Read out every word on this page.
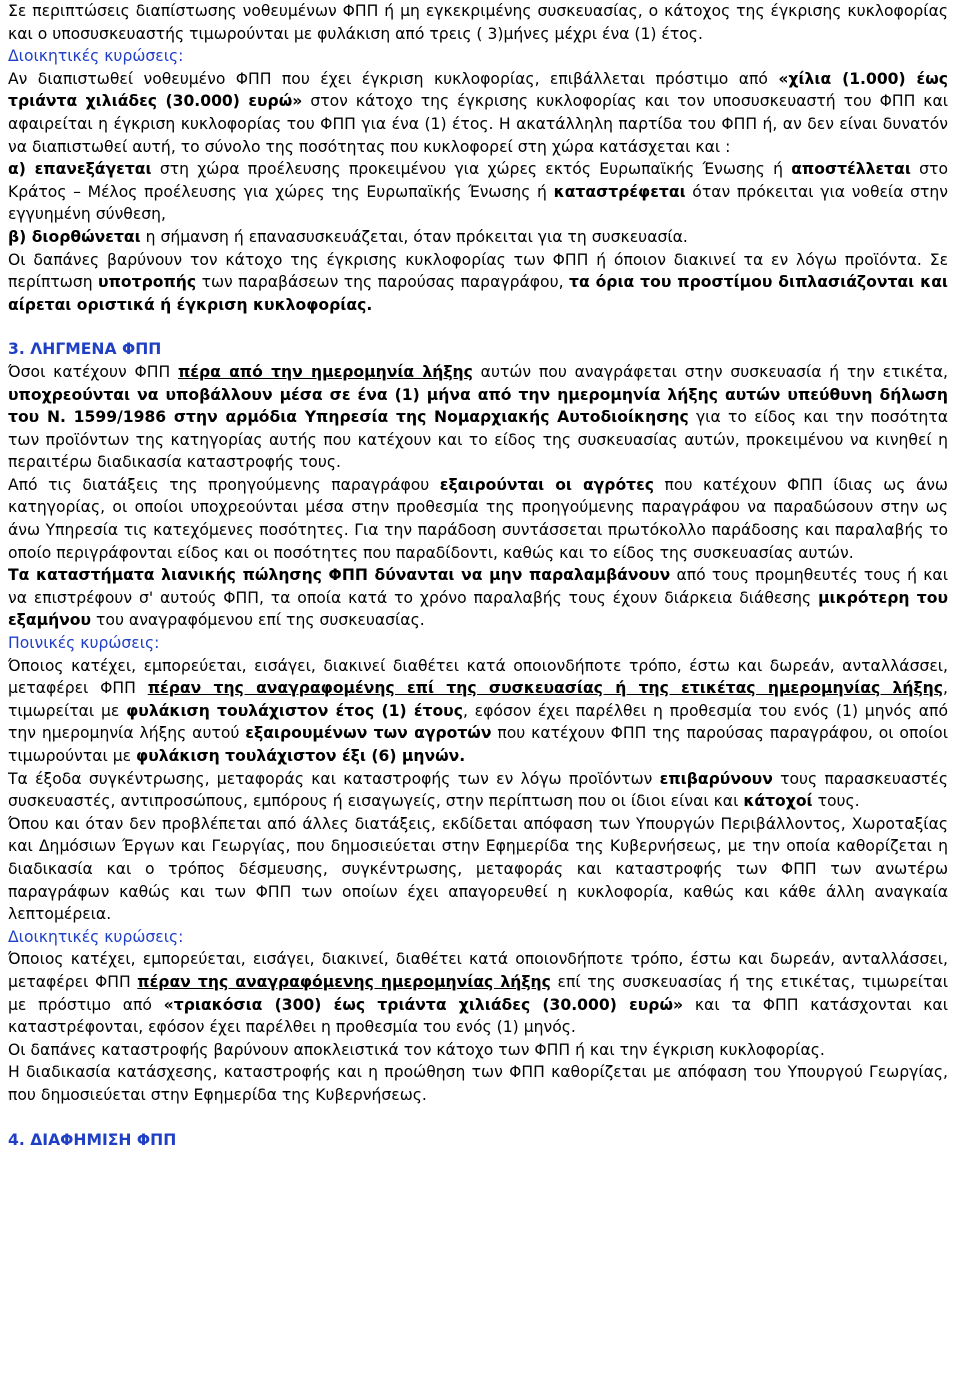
Σε περιπτώσεις διαπίστωσης νοθευμένων ΦΠΠ ή μη εγκεκριμένης συσκευασίας, ο κάτοχος της έγκρισης κυκλοφορίας και ο υποσυσκευαστής τιμωρούνται με φυλάκιση από τρεις ( 3)μήνες μέχρι ένα (1) έτος.

Διοικητικές κυρώσεις:

Αν διαπιστωθεί νοθευμένο ΦΠΠ που έχει έγκριση κυκλοφορίας, επιβάλλεται πρόστιμο από «χίλια (1.000) έως τριάντα χιλιάδες (30.000) ευρώ» στον κάτοχο της έγκρισης κυκλοφορίας και τον υποσυσκευαστή του ΦΠΠ και αφαιρείται η έγκριση κυκλοφορίας του ΦΠΠ για ένα (1) έτος. Η ακατάλληλη παρτίδα του ΦΠΠ ή, αν δεν είναι δυνατόν να διαπιστωθεί αυτή, το σύνολο της ποσότητας που κυκλοφορεί στη χώρα κατάσχεται και :

α) επανεξάγεται στη χώρα προέλευσης προκειμένου για χώρες εκτός Ευρωπαϊκής Ένωσης ή αποστέλλεται στο Κράτος – Μέλος προέλευσης για χώρες της Ευρωπαϊκής Ένωσης ή καταστρέφεται όταν πρόκειται για νοθεία στην εγγυημένη σύνθεση,

β) διορθώνεται η σήμανση ή επανασυσκευάζεται, όταν πρόκειται για τη συσκευασία.

Οι δαπάνες βαρύνουν τον κάτοχο της έγκρισης κυκλοφορίας των ΦΠΠ ή όποιον διακινεί τα εν λόγω προϊόντα. Σε περίπτωση υποτροπής των παραβάσεων της παρούσας παραγράφου, τα όρια του προστίμου διπλασιάζονται και αίρεται οριστικά ή έγκριση κυκλοφορίας.

3. ΛΗΓΜΕΝΑ ΦΠΠ

Όσοι κατέχουν ΦΠΠ πέρα από την ημερομηνία λήξης αυτών που αναγράφεται στην συσκευασία ή την ετικέτα, υποχρεούνται να υποβάλλουν μέσα σε ένα (1) μήνα από την ημερομηνία λήξης αυτών υπεύθυνη δήλωση του Ν. 1599/1986 στην αρμόδια Υπηρεσία της Νομαρχιακής Αυτοδιοίκησης για το είδος και την ποσότητα των προϊόντων της κατηγορίας αυτής που κατέχουν και το είδος της συσκευασίας αυτών, προκειμένου να κινηθεί η περαιτέρω διαδικασία καταστροφής τους.

Από τις διατάξεις της προηγούμενης παραγράφου εξαιρούνται οι αγρότες που κατέχουν ΦΠΠ ίδιας ως άνω κατηγορίας, οι οποίοι υποχρεούνται μέσα στην προθεσμία της προηγούμενης παραγράφου να παραδώσουν στην ως άνω Υπηρεσία τις κατεχόμενες ποσότητες. Για την παράδοση συντάσσεται πρωτόκολλο παράδοσης και παραλαβής το οποίο περιγράφονται είδος και οι ποσότητες που παραδίδοντι, καθώς και το είδος της συσκευασίας αυτών.

Τα καταστήματα λιανικής πώλησης ΦΠΠ δύνανται να μην παραλαμβάνουν από τους προμηθευτές τους ή και να επιστρέφουν σ' αυτούς ΦΠΠ, τα οποία κατά το χρόνο παραλαβής τους έχουν διάρκεια διάθεσης μικρότερη του εξαμήνου του αναγραφόμενου επί της συσκευασίας.

Ποινικές κυρώσεις:

Όποιος κατέχει, εμπορεύεται, εισάγει, διακινεί διαθέτει κατά οποιονδήποτε τρόπο, έστω και δωρεάν, ανταλλάσσει, μεταφέρει ΦΠΠ πέραν της αναγραφομένης επί της συσκευασίας ή της ετικέτας ημερομηνίας λήξης, τιμωρείται με φυλάκιση τουλάχιστον έτος (1) έτους, εφόσον έχει παρέλθει η προθεσμία του ενός (1) μηνός από την ημερομηνία λήξης αυτού εξαιρουμένων των αγροτών που κατέχουν ΦΠΠ της παρούσας παραγράφου, οι οποίοι τιμωρούνται με φυλάκιση τουλάχιστον έξι (6) μηνών.

Τα έξοδα συγκέντρωσης, μεταφοράς και καταστροφής των εν λόγω προϊόντων επιβαρύνουν τους παρασκευαστές συσκευαστές, αντιπροσώπους, εμπόρους ή εισαγωγείς, στην περίπτωση που οι ίδιοι είναι και κάτοχοί τους.

Όπου και όταν δεν προβλέπεται από άλλες διατάξεις, εκδίδεται απόφαση των Υπουργών Περιβάλλοντος, Χωροταξίας και Δημόσιων Έργων και Γεωργίας, που δημοσιεύεται στην Εφημερίδα της Κυβερνήσεως, με την οποία καθορίζεται η διαδικασία και ο τρόπος δέσμευσης, συγκέντρωσης, μεταφοράς και καταστροφής των ΦΠΠ των ανωτέρω παραγράφων καθώς και των ΦΠΠ των οποίων έχει απαγορευθεί η κυκλοφορία, καθώς και κάθε άλλη αναγκαία λεπτομέρεια.

Διοικητικές κυρώσεις:

Όποιος κατέχει, εμπορεύεται, εισάγει, διακινεί, διαθέτει κατά οποιονδήποτε τρόπο, έστω και δωρεάν, ανταλλάσσει, μεταφέρει ΦΠΠ πέραν της αναγραφόμενης ημερομηνίας λήξης επί της συσκευασίας ή της ετικέτας, τιμωρείται με πρόστιμο από «τριακόσια (300) έως τριάντα χιλιάδες (30.000) ευρώ» και τα ΦΠΠ κατάσχονται και καταστρέφονται, εφόσον έχει παρέλθει η προθεσμία του ενός (1) μηνός.

Οι δαπάνες καταστροφής βαρύνουν αποκλειστικά τον κάτοχο των ΦΠΠ ή και την έγκριση κυκλοφορίας.

Η διαδικασία κατάσχεσης, καταστροφής και η προώθηση των ΦΠΠ καθορίζεται με απόφαση του Υπουργού Γεωργίας, που δημοσιεύεται στην Εφημερίδα της Κυβερνήσεως.

4. ΔΙΑΦΗΜΙΣΗ ΦΠΠ
